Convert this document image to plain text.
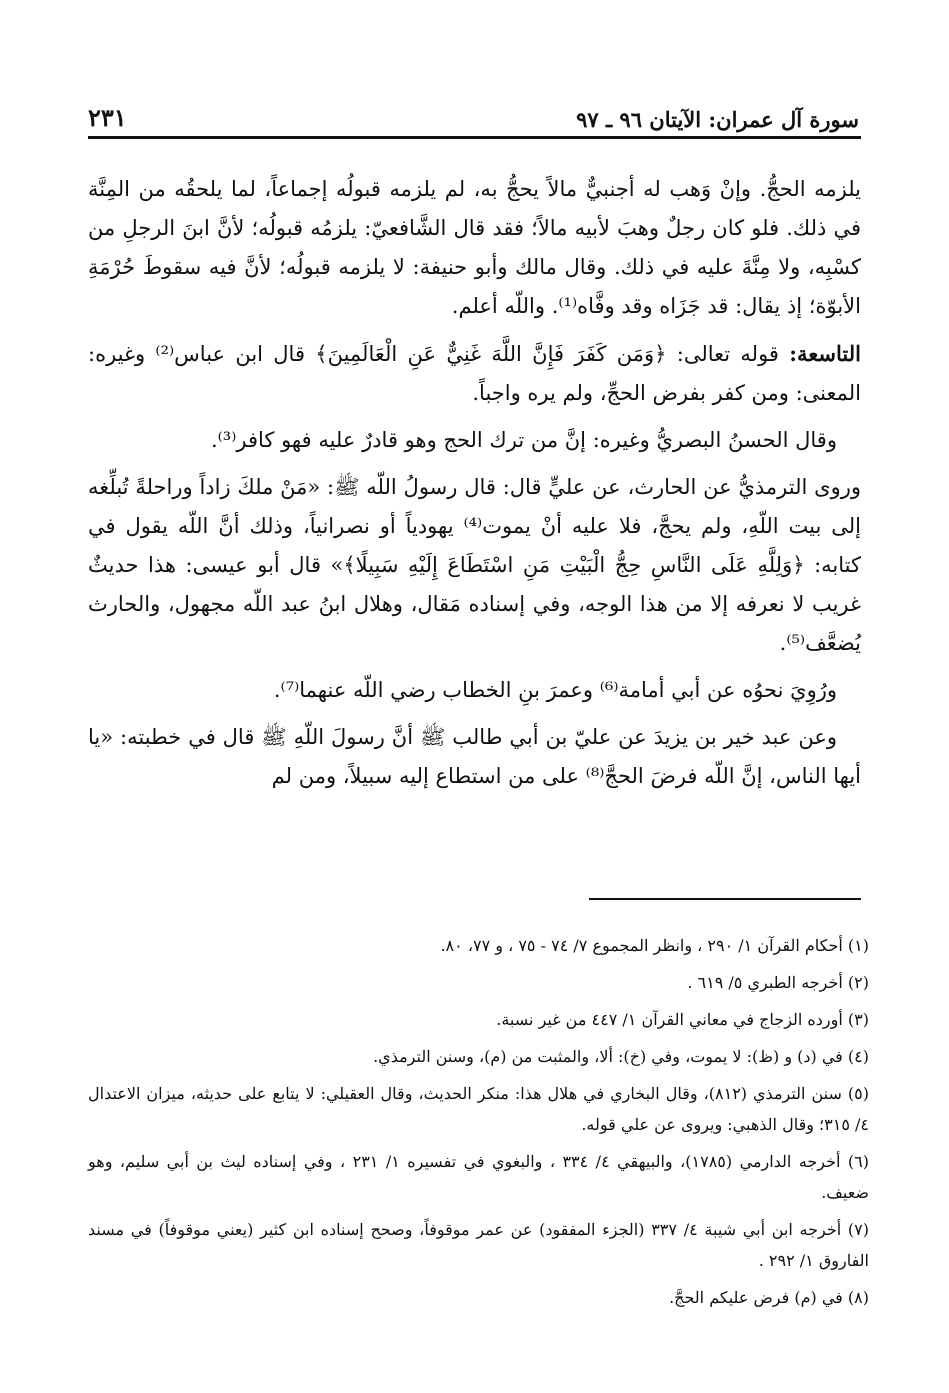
سورة آل عمران: الآيتان ٩٦ ـ ٩٧
٢٣١

يلزمه الحجُّ. وإنْ وَهب له أجنبيٌّ مالاً يحجُّ به، لم يلزمه قبولُه إجماعاً، لما يلحقُه من المِنَّة في ذلك. فلو كان رجلٌ وهبَ لأبيه مالاً؛ فقد قال الشَّافعيّ: يلزمُه قبولُه؛ لأنَّ ابنَ الرجلِ من كسْبِه، ولا مِنَّةَ عليه في ذلك. وقال مالك وأبو حنيفة: لا يلزمه قبولُه؛ لأنَّ فيه سقوطَ حُرْمَةِ الأبوّة؛ إذ يقال: قد جَزَاه وقد وفَّاه⁽¹⁾. واللّه أعلم.

التاسعة: قوله تعالى: ﴿وَمَن كَفَرَ فَإِنَّ اللَّهَ غَنِيٌّ عَنِ الْعَالَمِينَ﴾ قال ابن عباس⁽²⁾ وغيره: المعنى: ومن كفر بفرض الحجِّ، ولم يره واجباً.

وقال الحسنُ البصريُّ وغيره: إنَّ من ترك الحج وهو قادرٌ عليه فهو كافر⁽³⁾.

وروى الترمذيُّ عن الحارث، عن عليٍّ قال: قال رسولُ اللّه ﷺ: «مَنْ ملكَ زاداً وراحلةً تُبلِّغه إلى بيت اللّهِ، ولم يحجَّ، فلا عليه أنْ يموت⁽⁴⁾ يهودياً أو نصرانياً، وذلك أنَّ اللّه يقول في كتابه: ﴿وَلِلَّهِ عَلَى النَّاسِ حِجُّ الْبَيْتِ مَنِ اسْتَطَاعَ إِلَيْهِ سَبِيلًا﴾» قال أبو عيسى: هذا حديثٌ غريب لا نعرفه إلا من هذا الوجه، وفي إسناده مَقال، وهلال ابنُ عبد اللّه مجهول، والحارث يُضعَّف⁽⁵⁾.

ورُوِيَ نحوُه عن أبي أمامة⁽⁶⁾ وعمرَ بنِ الخطاب رضي اللّه عنهما⁽⁷⁾.

وعن عبد خير بن يزيدَ عن عليّ بن أبي طالب ﷺ أنَّ رسولَ اللّهِ ﷺ قال في خطبته: «يا أيها الناس، إنَّ اللّه فرضَ الحجَّ⁽⁸⁾ على من استطاع إليه سبيلاً، ومن لم

(١) أحكام القرآن ١/ ٢٩٠ ، وانظر المجموع ٧/ ٧٤ - ٧٥ ، و ٧٧، ٨٠.
(٢) أخرجه الطبري ٥/ ٦١٩ .
(٣) أورده الزجاج في معاني القرآن ١/ ٤٤٧ من غير نسبة.
(٤) في (د) و (ظ): لا يموت، وفي (خ): ألا، والمثبت من (م)، وسنن الترمذي.
(٥) سنن الترمذي (٨١٢)، وقال البخاري في هلال هذا: منكر الحديث، وقال العقيلي: لا يتابع على حديثه، ميزان الاعتدال ٤/ ٣١٥؛ وقال الذهبي: ويروى عن علي قوله.
(٦) أخرجه الدارمي (١٧٨٥)، والبيهقي ٤/ ٣٣٤ ، والبغوي في تفسيره ١/ ٢٣١ ، وفي إسناده ليث بن أبي سليم، وهو ضعيف.
(٧) أخرجه ابن أبي شيبة ٤/ ٣٣٧ (الجزء المفقود) عن عمر موقوفاً، وصحح إسناده ابن كثير (يعني موقوفاً) في مسند الفاروق ١/ ٢٩٢ .
(٨) في (م) فرض عليكم الحجَّ.
